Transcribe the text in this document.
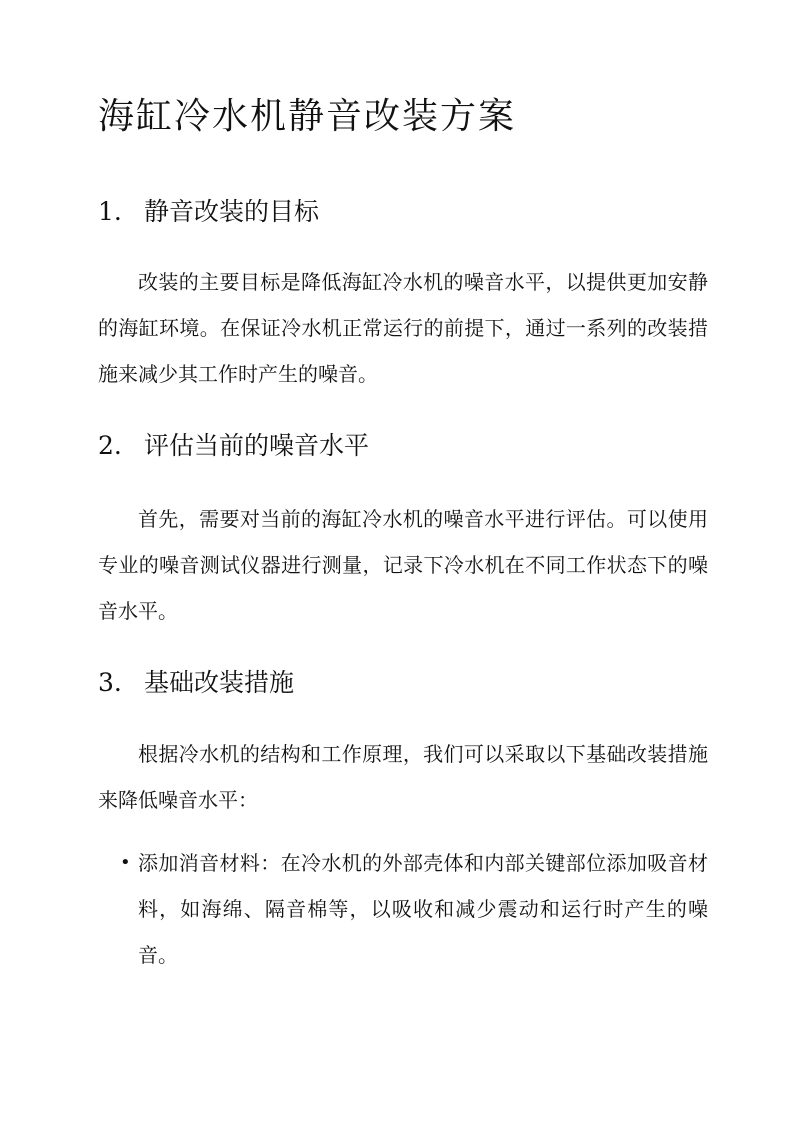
海缸冷水机静音改装方案
1. 静音改装的目标

改装的主要目标是降低海缸冷水机的噪音水平，以提供更加安静的海缸环境。在保证冷水机正常运行的前提下，通过一系列的改装措施来减少其工作时产生的噪音。

2. 评估当前的噪音水平

首先，需要对当前的海缸冷水机的噪音水平进行评估。可以使用专业的噪音测试仪器进行测量，记录下冷水机在不同工作状态下的噪音水平。

3. 基础改装措施

根据冷水机的结构和工作原理，我们可以采取以下基础改装措施来降低噪音水平：

• 添加消音材料：在冷水机的外部壳体和内部关键部位添加吸音材料，如海绵、隔音棉等，以吸收和减少震动和运行时产生的噪音。
